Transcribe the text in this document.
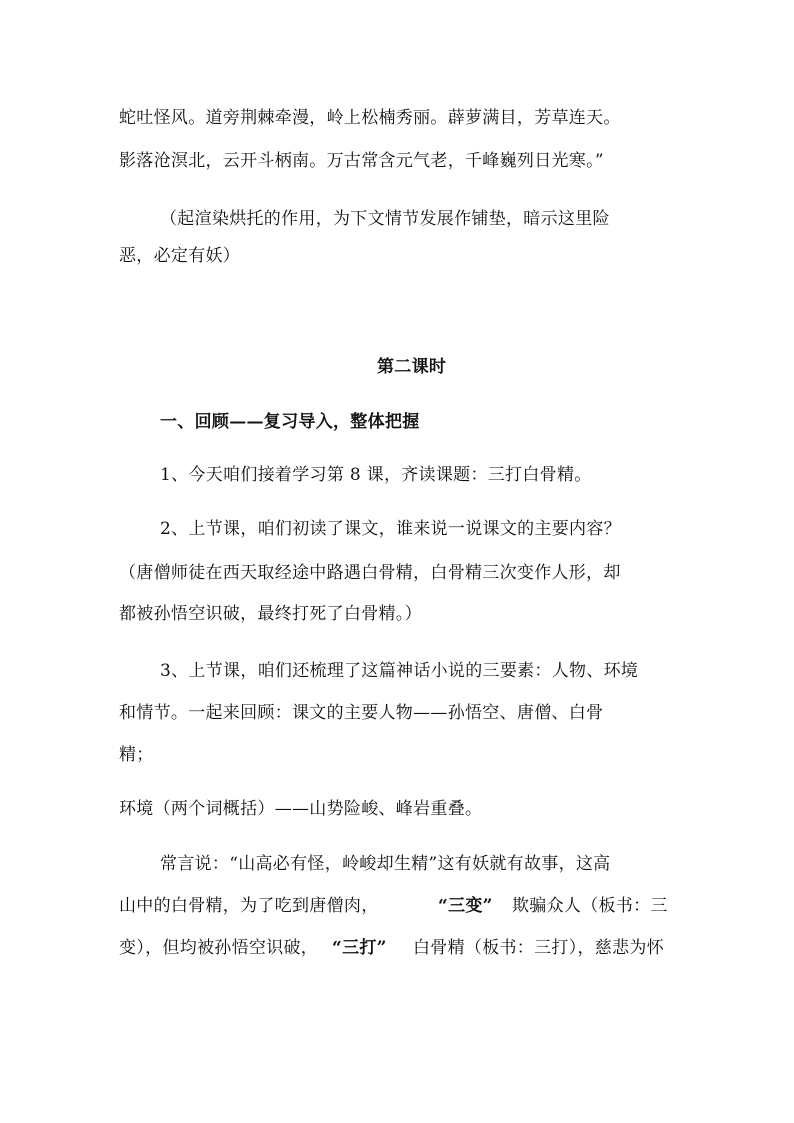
蛇吐怪风。道旁荆棘牵漫，岭上松楠秀丽。薜萝满目，芳草连天。
影落沧溟北，云开斗柄南。万古常含元气老，千峰巍列日光寒。”
（起渲染烘托的作用，为下文情节发展作铺垫，暗示这里险
恶，必定有妖）
第二课时
一、回顾——复习导入，整体把握
1、今天咱们接着学习第 8 课，齐读课题：三打白骨精。
2、上节课，咱们初读了课文，谁来说一说课文的主要内容？
（唐僧师徒在西天取经途中路遇白骨精，白骨精三次变作人形，却
都被孙悟空识破，最终打死了白骨精。）
3、上节课，咱们还梳理了这篇神话小说的三要素：人物、环境
和情节。一起来回顾：课文的主要人物——孙悟空、唐僧、白骨
精；
环境（两个词概括）——山势险峻、峰岩重叠。
常言说：“山高必有怪，岭峻却生精”这有妖就有故事，这高
山中的白骨精，为了吃到唐僧肉，	“三变” 欺骗众人（板书：三
变），但均被孙悟空识破， “三打” 白骨精（板书：三打），慈悲为怀
